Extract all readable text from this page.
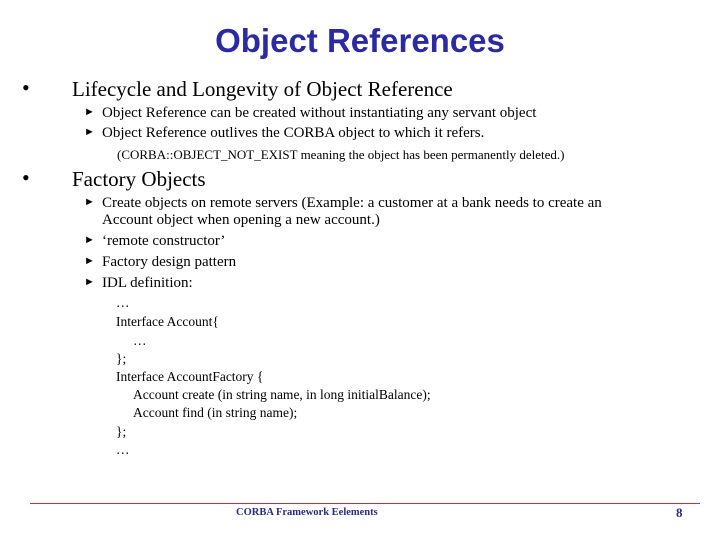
Object References
• Lifecycle and Longevity of Object Reference
► Object Reference can be created without instantiating any servant object
► Object Reference outlives the CORBA object to which it refers.
(CORBA::OBJECT_NOT_EXIST meaning the object has been permanently deleted.)
• Factory Objects
► Create objects on remote servers (Example: a customer at a bank needs to create an
Account object when opening a new account.)
► ‘remote constructor’
► Factory design pattern
► IDL definition:
…
Interface Account{
…
};
Interface AccountFactory {
Account create (in string name, in long initialBalance);
Account find (in string name);
};
…
CORBA Framework Eelements	8
